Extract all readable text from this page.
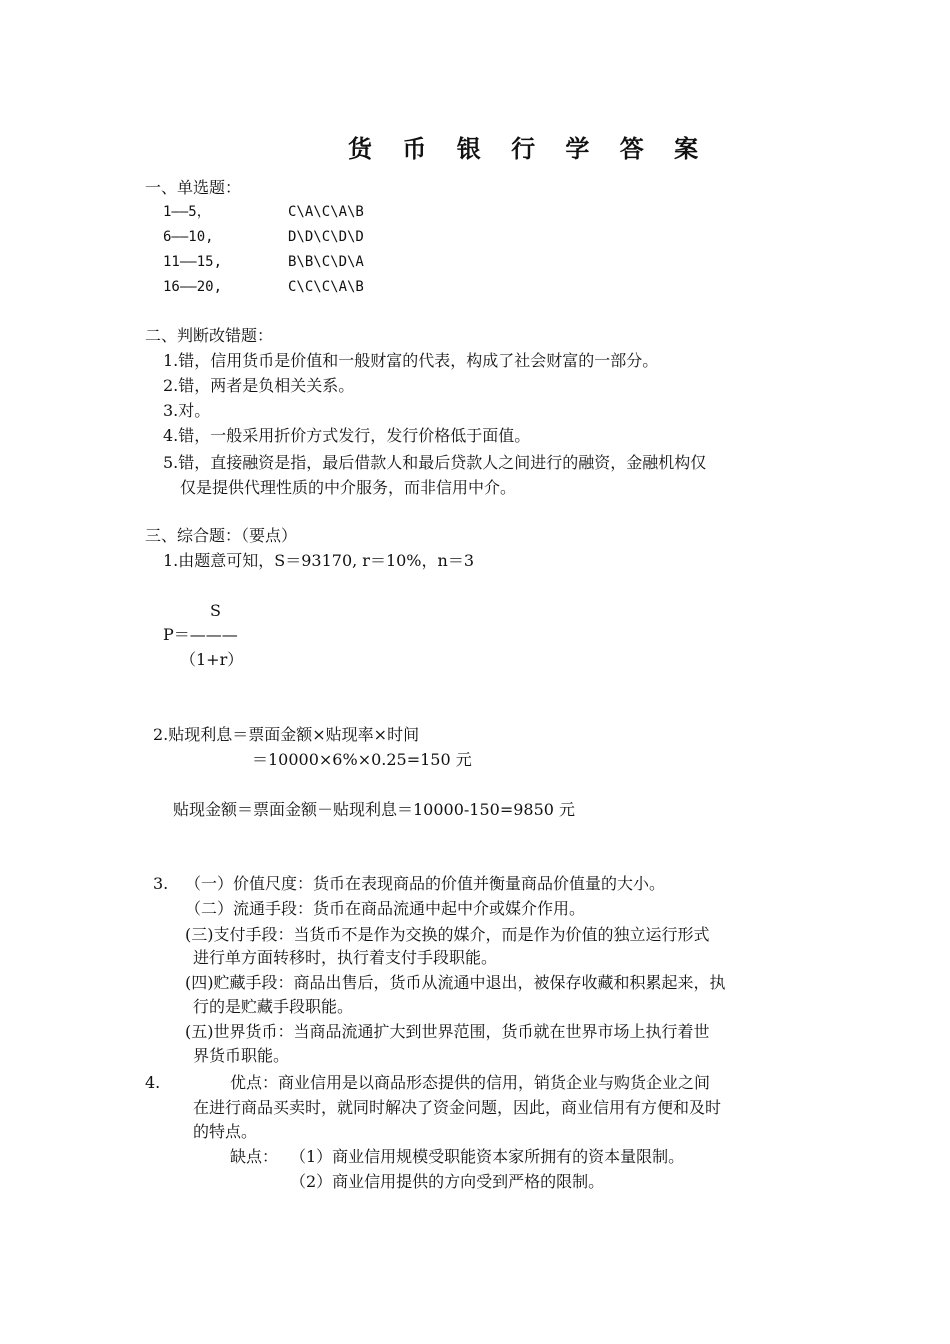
货 币 银 行 学 答 案
一、单选题：
1——5，	C\A\C\A\B
6——10,	D\D\C\D\D
11——15,	B\B\C\D\A
16——20,	C\C\C\A\B
二、判断改错题：
1.错，信用货币是价值和一般财富的代表，构成了社会财富的一部分。
2.错，两者是负相关关系。
3.对。
4.错，一般采用折价方式发行，发行价格低于面值。
5.错，直接融资是指，最后借款人和最后贷款人之间进行的融资，金融机构仅
仅是提供代理性质的中介服务，而非信用中介。
三、综合题：（要点）
1.由题意可知，S＝93170, r＝10%，n＝3
S
P＝———
（1+r）
2.贴现利息＝票面金额×贴现率×时间
＝10000×6%×0.25=150 元
贴现金额＝票面金额－贴现利息＝10000-150=9850 元
3. （一）价值尺度：货币在表现商品的价值并衡量商品价值量的大小。
（二）流通手段：货币在商品流通中起中介或媒介作用。
(三)支付手段：当货币不是作为交换的媒介，而是作为价值的独立运行形式
进行单方面转移时，执行着支付手段职能。
(四)贮藏手段：商品出售后，货币从流通中退出，被保存收藏和积累起来，执
行的是贮藏手段职能。
(五)世界货币：当商品流通扩大到世界范围，货币就在世界市场上执行着世
界货币职能。
4.	优点：商业信用是以商品形态提供的信用，销货企业与购货企业之间
在进行商品买卖时，就同时解决了资金问题，因此，商业信用有方便和及时
的特点。
缺点： （1）商业信用规模受职能资本家所拥有的资本量限制。
（2）商业信用提供的方向受到严格的限制。
